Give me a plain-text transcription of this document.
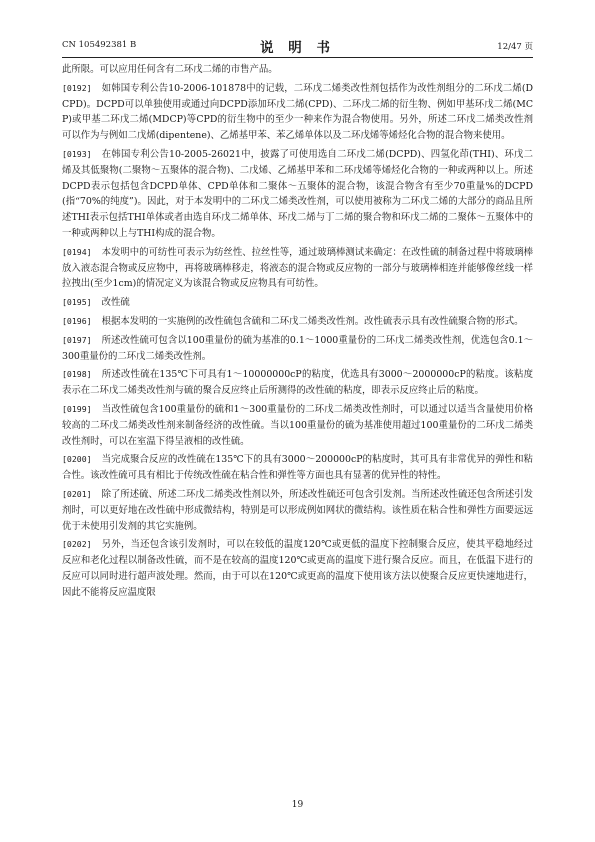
CN 105492381 B	说 明 书	12/47 页

此所限。可以应用任何含有二环戊二烯的市售产品。

[0192] 如韩国专利公告10-2006-101878中的记载，二环戊二烯类改性剂包括作为改性剂组分的二环戊二烯(DCPD)。DCPD可以单独使用或通过向DCPD添加环戊二烯(CPD)、二环戊二烯的衍生物、例如甲基环戊二烯(MCP)或甲基二环戊二烯(MDCP)等CPD的衍生物中的至少一种来作为混合物使用。另外，所述二环戊二烯类改性剂可以作为与例如二戊烯(dipentene)、乙烯基甲苯、苯乙烯单体以及二环戊烯等烯烃化合物的混合物来使用。

[0193] 在韩国专利公告10-2005-26021中，披露了可使用选自二环戊二烯(DCPD)、四氢化茚(THI)、环戊二烯及其低聚物(二聚物～五聚体的混合物)、二戊烯、乙烯基甲苯和二环戊烯等烯烃化合物的一种或两种以上。所述DCPD表示包括包含DCPD单体、CPD单体和二聚体～五聚体的混合物，该混合物含有至少70重量%的DCPD(指“70%的纯度”)。因此，对于本发明中的二环戊二烯类改性剂，可以使用被称为二环戊二烯的大部分的商品且所述THI表示包括THI单体或者由选自环戊二烯单体、环戊二烯与丁二烯的聚合物和环戊二烯的二聚体～五聚体中的一种或两种以上与THI构成的混合物。

[0194] 本发明中的可纺性可表示为纺丝性、拉丝性等，通过玻璃棒测试来确定：在改性硫的制备过程中将玻璃棒放入液态混合物或反应物中，再将玻璃棒移走，将液态的混合物或反应物的一部分与玻璃棒相连并能够像丝线一样拉拽出(至少1cm)的情况定义为该混合物或反应物具有可纺性。

[0195] 改性硫

[0196] 根据本发明的一实施例的改性硫包含硫和二环戊二烯类改性剂。改性硫表示具有改性硫聚合物的形式。

[0197] 所述改性硫可包含以100重量份的硫为基准的0.1～1000重量份的二环戊二烯类改性剂，优选包含0.1～300重量份的二环戊二烯类改性剂。

[0198] 所述改性硫在135℃下可具有1～10000000cP的粘度，优选具有3000～2000000cP的粘度。该粘度表示在二环戊二烯类改性剂与硫的聚合反应终止后所测得的改性硫的粘度，即表示反应终止后的粘度。

[0199] 当改性硫包含100重量份的硫和1～300重量份的二环戊二烯类改性剂时，可以通过以适当含量使用价格较高的二环戊二烯类改性剂来制备经济的改性硫。当以100重量份的硫为基准使用超过100重量份的二环戊二烯类改性剂时，可以在室温下得呈液相的改性硫。

[0200] 当完成聚合反应的改性硫在135℃下的具有3000～200000cP的粘度时，其可具有非常优异的弹性和粘合性。该改性硫可具有相比于传统改性硫在粘合性和弹性等方面也具有显著的优异性的特性。

[0201] 除了所述硫、所述二环戊二烯类改性剂以外，所述改性硫还可包含引发剂。当所述改性硫还包含所述引发剂时，可以更好地在改性硫中形成微结构，特别是可以形成例如网状的微结构。该性质在粘合性和弹性方面要远远优于未使用引发剂的其它实施例。

[0202] 另外，当还包含该引发剂时，可以在较低的温度120℃或更低的温度下控制聚合反应，使其平稳地经过反应和老化过程以制备改性硫，而不是在较高的温度120℃或更高的温度下进行聚合反应。而且，在低温下进行的反应可以同时进行超声波处理。然而，由于可以在120℃或更高的温度下使用该方法以使聚合反应更快速地进行，因此不能将反应温度限

19
